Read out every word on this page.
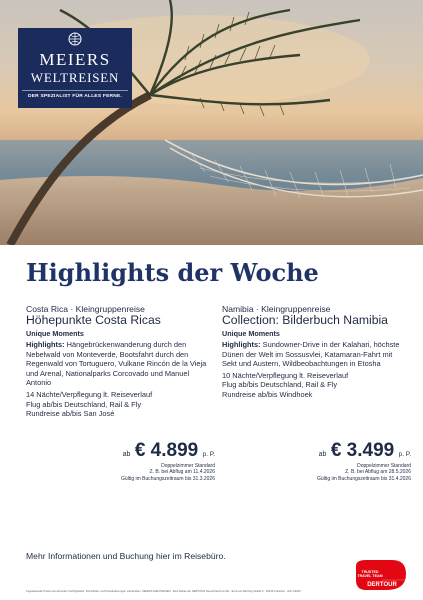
MEIERS
WELTREISEN
DER SPEZIALIST FÜR ALLES FERNE.
Highlights der Woche
Costa Rica · Kleingruppenreise
Höhepunkte Costa Ricas
Unique Moments
Highlights: Hängebrückenwanderung durch den Nebelwald von Monteverde, Bootsfahrt durch den Regenwald von Tortuguero, Vulkane Rincón de la Vieja und Arenal, Nationalparks Corcovado und Manuel Antonio
14 Nächte/Verpflegung lt. Reiseverlauf
Flug ab/bis Deutschland, Rail & Fly
Rundreise ab/bis San José
Namibia · Kleingruppenreise
Collection: Bilderbuch Namibia
Unique Moments
Highlights: Sundowner-Drive in der Kalahari, höchste Dünen der Welt im Sossusvlei, Katamaran-Fahrt mit Sekt und Austern, Wildbeobachtungen in Etosha
10 Nächte/Verpflegung lt. Reiseverlauf
Flug ab/bis Deutschland, Rail & Fly
Rundreise ab/bis Windhoek
ab € 4.899 p. P.
Doppelzimmer Standard
Z. B. bei Abflug am 11.4.2026
Gültig im Buchungszeitraum bis 31.3.2026
ab € 3.499 p. P.
Doppelzimmer Standard
Z. B. bei Abflug am 28.5.2026
Gültig im Buchungszeitraum bis 31.4.2026
Mehr Informationen und Buchung hier im Reisebüro.
TRUSTED TRAVEL TEAM
DERTOUR
Tagesaktuelle Preise inkl./ohne/der Verfügbarkeit. Druckfehler und Preisänderungen vorbehalten. MEIERS WELTREISEN · Eine Marke der DERTOUR Deutschland GmbH · Emil-von-Behring-Straße 6 · 60439 Frankfurt · HW 1/2026
